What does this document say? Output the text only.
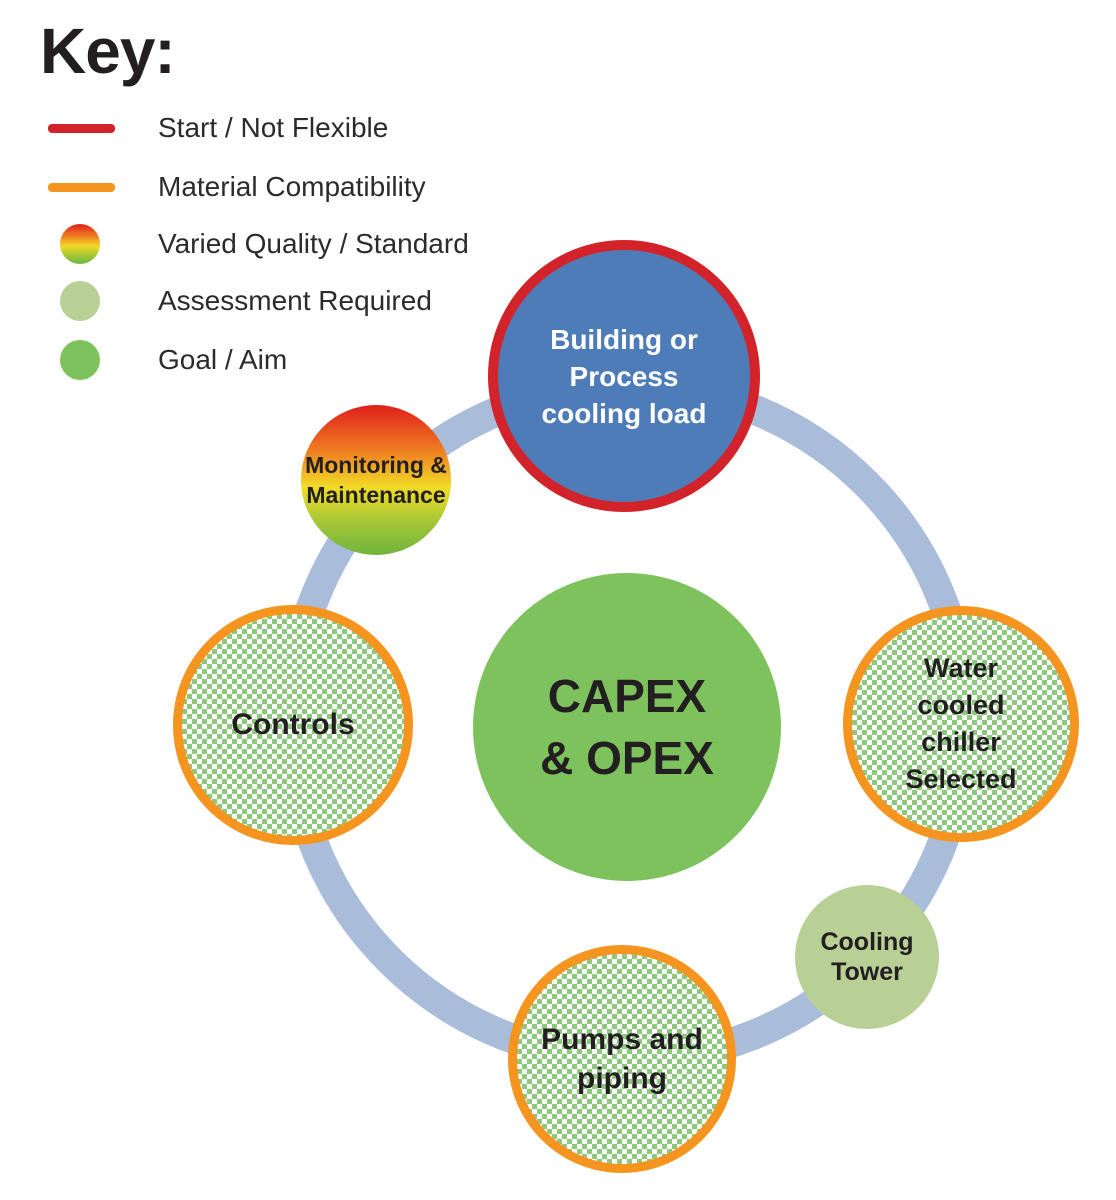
Key:
Start / Not Flexible
Material Compatibility
Varied Quality / Standard
Assessment Required
Goal / Aim
Building or
Process
cooling load
Monitoring &
Maintenance
CAPEX
& OPEX
Controls
Water
cooled
chiller
Selected
Cooling Tower
Pumps and
piping
